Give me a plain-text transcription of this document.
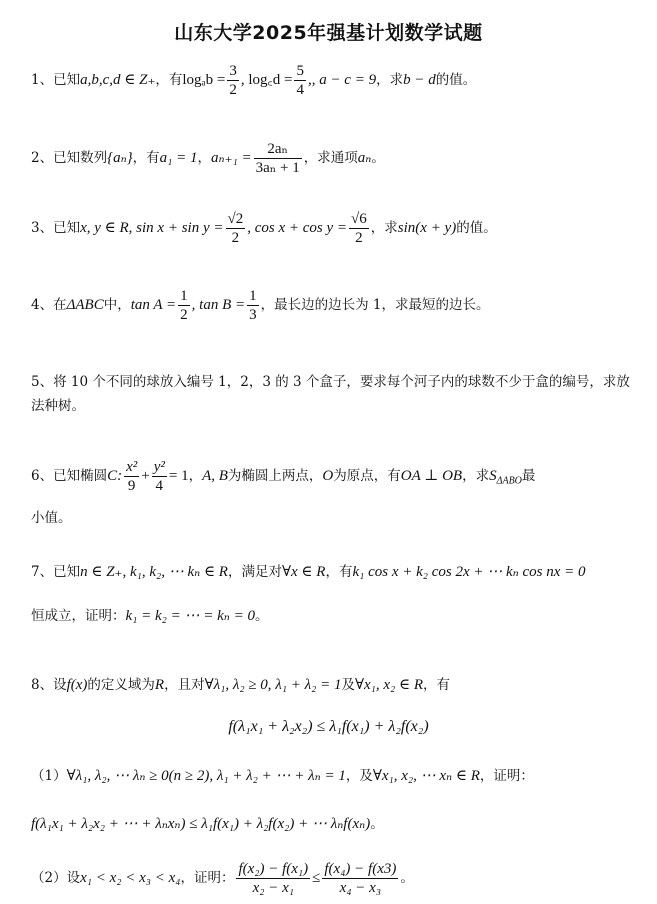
山东大学2025年强基计划数学试题
1、已知a,b,c,d ∈ Z₊，有$\log_ab = \frac{3}{2}$ , log꜀d = $\frac{5}{4}$ ,, a − c = 9，求b − d的值。
2、已知数列{aₙ}，有a₁ = 1，$a_{n+1} = \frac{\text{2aₙ}}{\text{3aₙ + 1}}$ ，求通项aₙ。
3、已知x, y ∈ R, $\sin x + \sin y = \frac{√2}{2}$ , $\cos x + \cos y = \frac{√6}{2}$ ，求sin(x + y)的值。
4、在ΔABC中，$\tan A = \frac{1}{2}$ , $\tan B = \frac{1}{3}$ ，最长边的边长为 1，求最短的边长。
5、将 10 个不同的球放入编号 1，2，3 的 3 个盒子，要求每个河子内的球数不少于盒的编号，求放法种树。
6、已知椭圆C: $\frac{\text{x²}}{9} + \frac{\text{y²}}{4} = 1$，A, B为椭圆上两点，O为原点，有OA ⊥ OB，求$S_{\Delta ABO}$最
小值。
7、已知n ∈ Z₊, k₁, k₂, ⋯ kₙ ∈ R，满足对∀x ∈ R，有k₁ cos x + k₂ cos 2x + ⋯ kₙ cos nx = 0
恒成立，证明：k₁ = k₂ = ⋯ = kₙ = 0。
8、设f(x)的定义域为R，且对∀λ₁, λ₂ ≥ 0, λ₁ + λ₂ = 1及∀x₁, x₂ ∈ R，有
f(λ₁x₁ + λ₂x₂) ≤ λ₁f(x₁) + λ₂f(x₂)
（1）∀λ₁, λ₂, ⋯ λₙ ≥ 0(n ≥ 2), λ₁ + λ₂ + ⋯ + λₙ = 1，及∀x₁, x₂, ⋯ xₙ ∈ R，证明：
f(λ₁x₁ + λ₂x₂ + ⋯ + λₙxₙ) ≤ λ₁f(x₁) + λ₂f(x₂) + ⋯ λₙf(xₙ)。
（2）设x₁ < x₂ < x₃ < x₄，证明： $\frac{\text{f(x₂) − f(x₁)}}{\text{x₂ − x₁}} \le \frac{\text{f(x₄) − f(x3)}}{\text{x₄ − x₃}}$ 。
